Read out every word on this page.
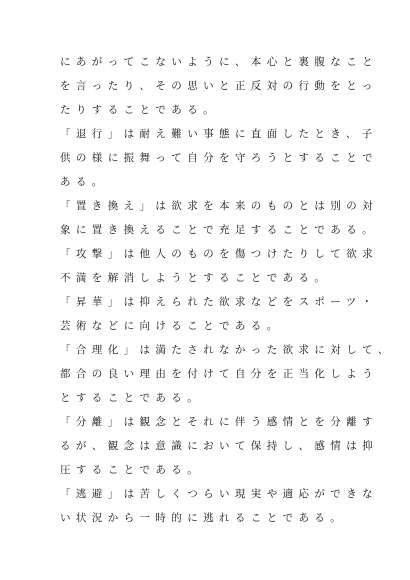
にあがってこないように、本心と裏腹なこと
を言ったり、その思いと正反対の行動をとっ
たりすることである。
「退行」は耐え難い事態に直面したとき、子
供の様に振舞って自分を守ろうとすることで
ある。
「置き換え」は欲求を本来のものとは別の対
象に置き換えることで充足することである。
「攻撃」は他人のものを傷つけたりして欲求
不満を解消しようとすることである。
「昇華」は抑えられた欲求などをスポーツ・
芸術などに向けることである。
「合理化」は満たされなかった欲求に対して、
都合の良い理由を付けて自分を正当化しよう
とすることである。
「分離」は観念とそれに伴う感情とを分離す
るが、観念は意識において保持し、感情は抑
圧することである。
「逃避」は苦しくつらい現実や適応ができな
い状況から一時的に逃れることである。
